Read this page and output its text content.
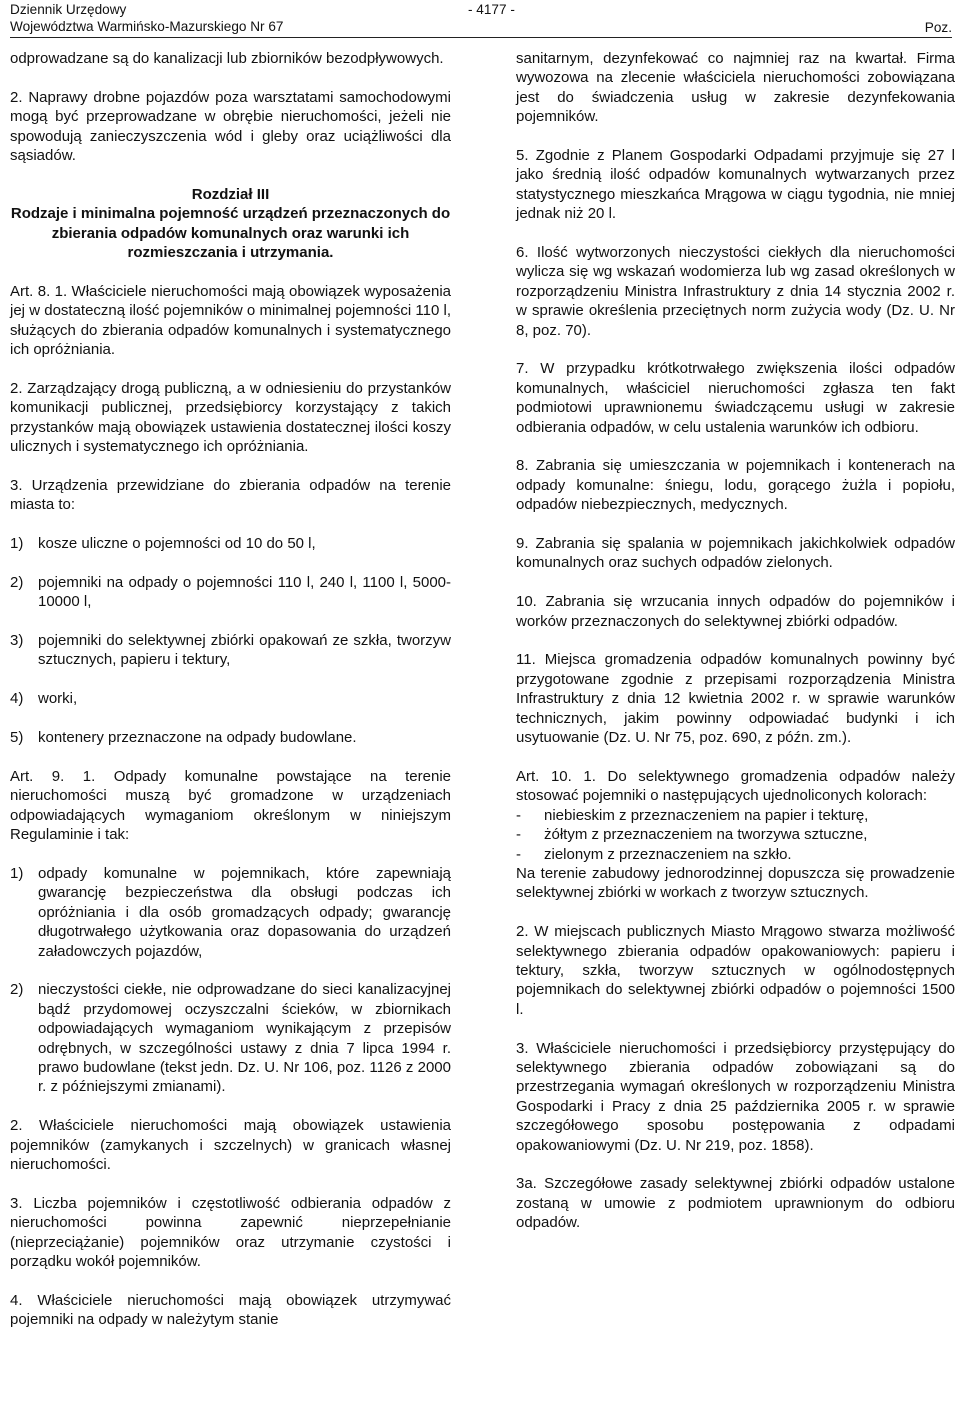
Dziennik Urzędowy
Województwa Warmińsko-Mazurskiego Nr 67
- 4177 -
Poz.

odprowadzane są do kanalizacji lub zbiorników bezodpływowych.

2. Naprawy drobne pojazdów poza warsztatami samochodowymi mogą być przeprowadzane w obrębie nieruchomości, jeżeli nie spowodują zanieczyszczenia wód i gleby oraz uciążliwości dla sąsiadów.

Rozdział III

Rodzaje i minimalna pojemność urządzeń przeznaczonych do zbierania odpadów komunalnych oraz warunki ich rozmieszczania i utrzymania.

Art. 8. 1. Właściciele nieruchomości mają obowiązek wyposażenia jej w dostateczną ilość pojemników o minimalnej pojemności 110 l, służących do zbierania odpadów komunalnych i systematycznego ich opróżniania.

2. Zarządzający drogą publiczną, a w odniesieniu do przystanków komunikacji publicznej, przedsiębiorcy korzystający z takich przystanków mają obowiązek ustawienia dostatecznej ilości koszy ulicznych i systematycznego ich opróżniania.

3. Urządzenia przewidziane do zbierania odpadów na terenie miasta to:

1) kosze uliczne o pojemności od 10 do 50 l,
2) pojemniki na odpady o pojemności 110 l, 240 l, 1100 l, 5000-10000 l,
3) pojemniki do selektywnej zbiórki opakowań ze szkła, tworzyw sztucznych, papieru i tektury,
4) worki,
5) kontenery przeznaczone na odpady budowlane.

Art. 9. 1. Odpady komunalne powstające na terenie nieruchomości muszą być gromadzone w urządzeniach odpowiadających wymaganiom określonym w niniejszym Regulaminie i tak:

1) odpady komunalne w pojemnikach, które zapewniają gwarancję bezpieczeństwa dla obsługi podczas ich opróżniania i dla osób gromadzących odpady; gwarancję długotrwałego użytkowania oraz dopasowania do urządzeń załadowczych pojazdów,
2) nieczystości ciekłe, nie odprowadzane do sieci kanalizacyjnej bądź przydomowej oczyszczalni ścieków, w zbiornikach odpowiadających wymaganiom wynikającym z przepisów odrębnych, w szczególności ustawy z dnia 7 lipca 1994 r. prawo budowlane (tekst jedn. Dz. U. Nr 106, poz. 1126 z 2000 r. z późniejszymi zmianami).

2. Właściciele nieruchomości mają obowiązek ustawienia pojemników (zamykanych i szczelnych) w granicach własnej nieruchomości.

3. Liczba pojemników i częstotliwość odbierania odpadów z nieruchomości powinna zapewnić nieprzepełnianie (nieprzeciążanie) pojemników oraz utrzymanie czystości i porządku wokół pojemników.

4. Właściciele nieruchomości mają obowiązek utrzymywać pojemniki na odpady w należytym stanie

sanitarnym, dezynfekować co najmniej raz na kwartał. Firma wywozowa na zlecenie właściciela nieruchomości zobowiązana jest do świadczenia usług w zakresie dezynfekowania pojemników.

5. Zgodnie z Planem Gospodarki Odpadami przyjmuje się 27 l jako średnią ilość odpadów komunalnych wytwarzanych przez statystycznego mieszkańca Mrągowa w ciągu tygodnia, nie mniej jednak niż 20 l.

6. Ilość wytworzonych nieczystości ciekłych dla nieruchomości wylicza się wg wskazań wodomierza lub wg zasad określonych w rozporządzeniu Ministra Infrastruktury z dnia 14 stycznia 2002 r. w sprawie określenia przeciętnych norm zużycia wody (Dz. U. Nr 8, poz. 70).

7. W przypadku krótkotrwałego zwiększenia ilości odpadów komunalnych, właściciel nieruchomości zgłasza ten fakt podmiotowi uprawnionemu świadczącemu usługi w zakresie odbierania odpadów, w celu ustalenia warunków ich odbioru.

8. Zabrania się umieszczania w pojemnikach i kontenerach na odpady komunalne: śniegu, lodu, gorącego żużla i popiołu, odpadów niebezpiecznych, medycznych.

9. Zabrania się spalania w pojemnikach jakichkolwiek odpadów komunalnych oraz suchych odpadów zielonych.

10. Zabrania się wrzucania innych odpadów do pojemników i worków przeznaczonych do selektywnej zbiórki odpadów.

11. Miejsca gromadzenia odpadów komunalnych powinny być przygotowane zgodnie z przepisami rozporządzenia Ministra Infrastruktury z dnia 12 kwietnia 2002 r. w sprawie warunków technicznych, jakim powinny odpowiadać budynki i ich usytuowanie (Dz. U. Nr 75, poz. 690, z późn. zm.).

Art. 10. 1. Do selektywnego gromadzenia odpadów należy stosować pojemniki o następujących ujednoliconych kolorach:

-	niebieskim z przeznaczeniem na papier i tekturę,
-	żółtym z przeznaczeniem na tworzywa sztuczne,
-	zielonym z przeznaczeniem na szkło.

Na terenie zabudowy jednorodzinnej dopuszcza się prowadzenie selektywnej zbiórki w workach z tworzyw sztucznych.

2. W miejscach publicznych Miasto Mrągowo stwarza możliwość selektywnego zbierania odpadów opakowaniowych: papieru i tektury, szkła, tworzyw sztucznych w ogólnodostępnych pojemnikach do selektywnej zbiórki odpadów o pojemności 1500 l.

3. Właściciele nieruchomości i przedsiębiorcy przystępujący do selektywnego zbierania odpadów zobowiązani są do przestrzegania wymagań określonych w rozporządzeniu Ministra Gospodarki i Pracy z dnia 25 października 2005 r. w sprawie szczegółowego sposobu postępowania z odpadami opakowaniowymi (Dz. U. Nr 219, poz. 1858).

3a. Szczegółowe zasady selektywnej zbiórki odpadów ustalone zostaną w umowie z podmiotem uprawnionym do odbioru odpadów.
